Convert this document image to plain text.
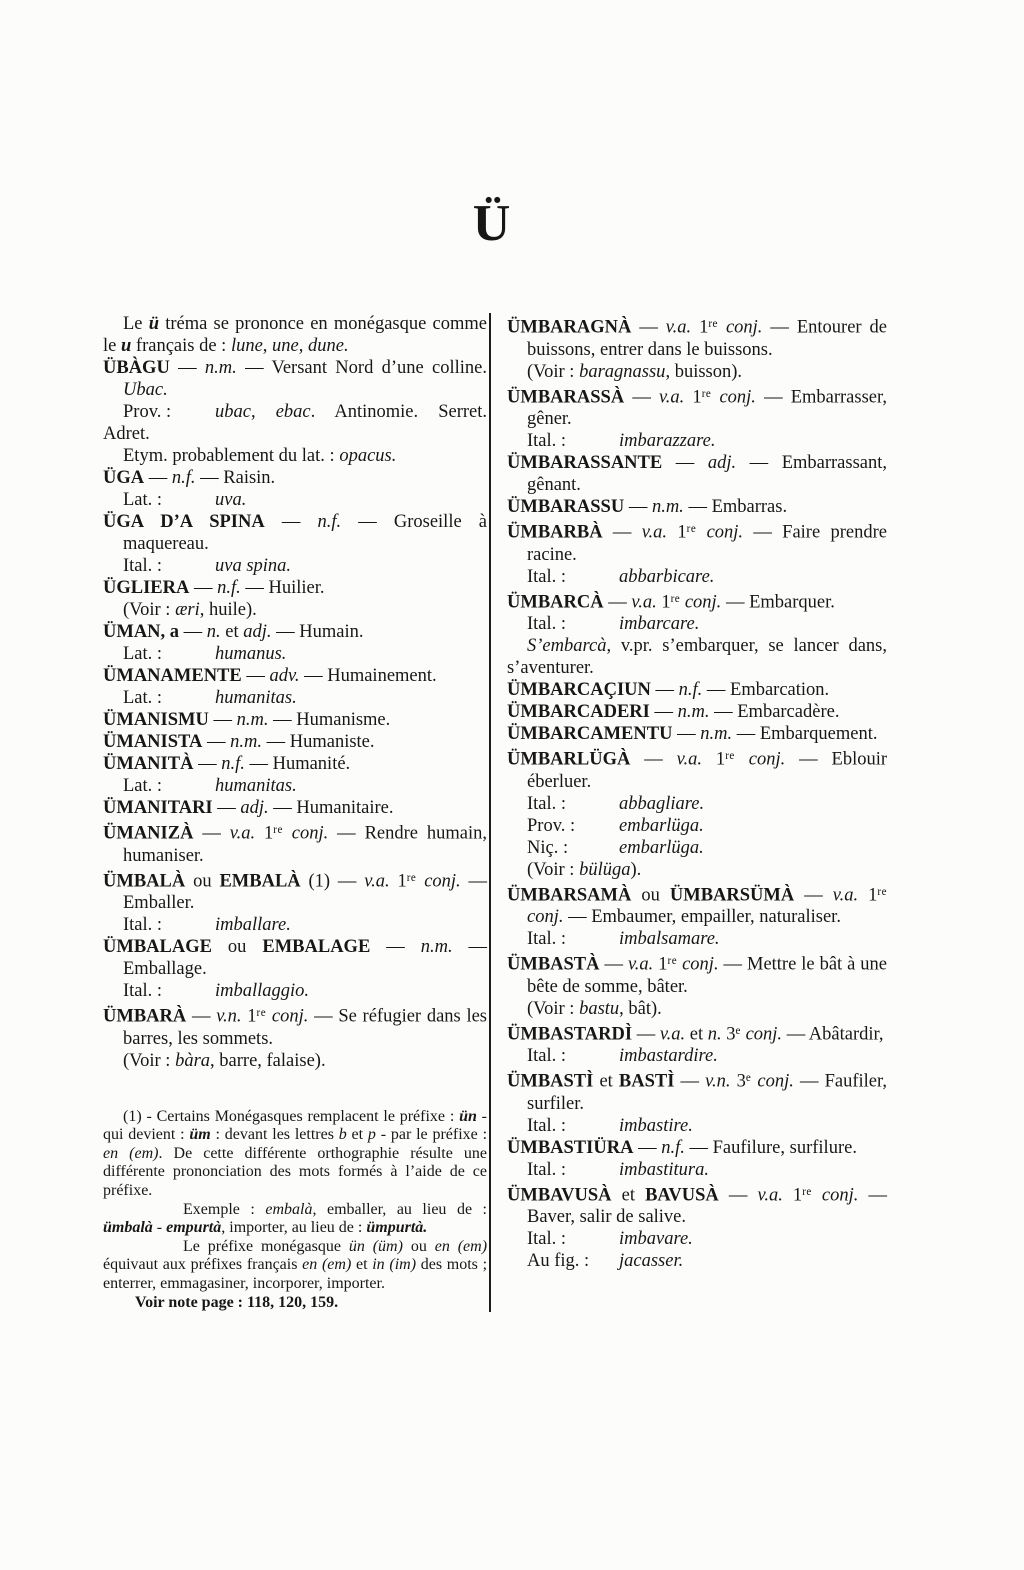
Ü

Le ü tréma se prononce en monégasque comme le u français de : lune, une, dune.

ÜBÀGU — n.m. — Versant Nord d’une colline. Ubac.

Prov. : ubac, ebac. Antinomie. Serret. Adret.

Etym. probablement du lat. : opacus.

ÜGA — n.f. — Raisin.

Lat. :	uva.

ÜGA D’A SPINA — n.f. — Groseille à maquereau.

Ital. :	uva spina.

ÜGLIERA — n.f. — Huilier.

(Voir : æri, huile).

ÜMAN, a — n. et adj. — Humain.

Lat. :	humanus.

ÜMANAMENTE — adv. — Humainement.

Lat. :	humanitas.

ÜMANISMU — n.m. — Humanisme.

ÜMANISTA — n.m. — Humaniste.

ÜMANITÀ — n.f. — Humanité.

Lat. :	humanitas.

ÜMANITARI — adj. — Humanitaire.

ÜMANIZÀ — v.a. 1re conj. — Rendre humain, humaniser.

ÜMBALÀ ou EMBALÀ (1) — v.a. 1re conj. — Emballer.

Ital. :	imballare.

ÜMBALAGE ou EMBALAGE — n.m. — Emballage.

Ital. :	imballaggio.

ÜMBARÀ — v.n. 1re conj. — Se réfugier dans les barres, les sommets.

(Voir : bàra, barre, falaise).

(1) - Certains Monégasques remplacent le préfixe : ün - qui devient : üm : devant les lettres b et p - par le préfixe : en (em). De cette différente orthographie résulte une différente prononciation des mots formés à l’aide de ce préfixe.

Exemple : embalà, emballer, au lieu de : ümbalà - empurtà, importer, au lieu de : ümpurtà.

Le préfixe monégasque ün (üm) ou en (em) équivaut aux préfixes français en (em) et in (im) des mots ; enterrer, emmagasiner, incorporer, importer.

Voir note page : 118, 120, 159.

ÜMBARAGNÀ — v.a. 1re conj. — Entourer de buissons, entrer dans le buissons.

(Voir : baragnassu, buisson).

ÜMBARASSÀ — v.a. 1re conj. — Embarrasser, gêner.

Ital. :	imbarazzare.

ÜMBARASSANTE — adj. — Embarrassant, gênant.

ÜMBARASSU — n.m. — Embarras.

ÜMBARBÀ — v.a. 1re conj. — Faire prendre racine.

Ital. :	abbarbicare.

ÜMBARCÀ — v.a. 1re conj. — Embarquer.

Ital. :	imbarcare.

S’embarcà, v.pr. s’embarquer, se lancer dans, s’aventurer.

ÜMBARCAÇIUN — n.f. — Embarcation.

ÜMBARCADERI — n.m. — Embarcadère.

ÜMBARCAMENTU — n.m. — Embarquement.

ÜMBARLÜGÀ — v.a. 1re conj. — Eblouir éberluer.

Ital. :	abbagliare.

Prov. : embarlüga.

Niç. :	embarlüga.

(Voir : bülüga).

ÜMBARSAMÀ ou ÜMBARSÜMÀ — v.a. 1re conj. — Embaumer, empailler, naturaliser.

Ital. :	imbalsamare.

ÜMBASTÀ — v.a. 1re conj. — Mettre le bât à une bête de somme, bâter.

(Voir : bastu, bât).

ÜMBASTARDÌ — v.a. et n. 3e conj. — Abâtardir,

Ital. :	imbastardire.

ÜMBASTÌ et BASTÌ — v.n. 3e conj. — Faufiler, surfiler.

Ital. :	imbastire.

ÜMBASTIÜRA — n.f. — Faufilure, surfilure.

Ital. :	imbastitura.

ÜMBAVUSÀ et BAVUSÀ — v.a. 1re conj. — Baver, salir de salive.

Ital. :	imbavare.

Au fig. : jacasser.
